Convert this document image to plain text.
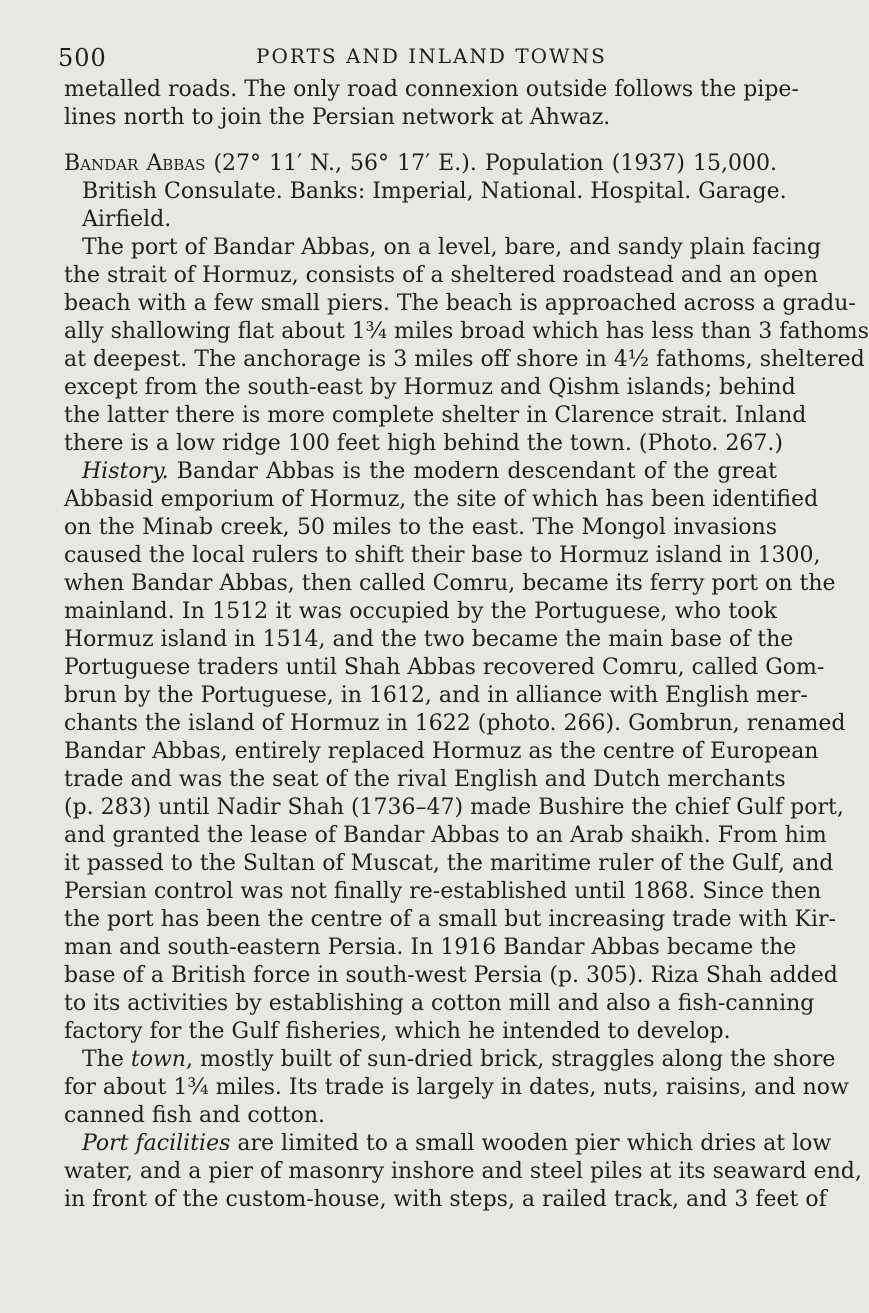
500	PORTS AND INLAND TOWNS
metalled roads. The only road connexion outside follows the pipe-
lines north to join the Persian network at Ahwaz.
Bandar Abbas (27° 11′ N., 56° 17′ E.). Population (1937) 15,000.
British Consulate. Banks: Imperial, National. Hospital. Garage.
Airfield.
The port of Bandar Abbas, on a level, bare, and sandy plain facing
the strait of Hormuz, consists of a sheltered roadstead and an open
beach with a few small piers. The beach is approached across a gradu-
ally shallowing flat about 1¾ miles broad which has less than 3 fathoms
at deepest. The anchorage is 3 miles off shore in 4½ fathoms, sheltered
except from the south-east by Hormuz and Qishm islands; behind
the latter there is more complete shelter in Clarence strait. Inland
there is a low ridge 100 feet high behind the town. (Photo. 267.)
History. Bandar Abbas is the modern descendant of the great
Abbasid emporium of Hormuz, the site of which has been identified
on the Minab creek, 50 miles to the east. The Mongol invasions
caused the local rulers to shift their base to Hormuz island in 1300,
when Bandar Abbas, then called Comru, became its ferry port on the
mainland. In 1512 it was occupied by the Portuguese, who took
Hormuz island in 1514, and the two became the main base of the
Portuguese traders until Shah Abbas recovered Comru, called Gom-
brun by the Portuguese, in 1612, and in alliance with English mer-
chants the island of Hormuz in 1622 (photo. 266). Gombrun, renamed
Bandar Abbas, entirely replaced Hormuz as the centre of European
trade and was the seat of the rival English and Dutch merchants
(p. 283) until Nadir Shah (1736–47) made Bushire the chief Gulf port,
and granted the lease of Bandar Abbas to an Arab shaikh. From him
it passed to the Sultan of Muscat, the maritime ruler of the Gulf, and
Persian control was not finally re-established until 1868. Since then
the port has been the centre of a small but increasing trade with Kir-
man and south-eastern Persia. In 1916 Bandar Abbas became the
base of a British force in south-west Persia (p. 305). Riza Shah added
to its activities by establishing a cotton mill and also a fish-canning
factory for the Gulf fisheries, which he intended to develop.
The town, mostly built of sun-dried brick, straggles along the shore
for about 1¾ miles. Its trade is largely in dates, nuts, raisins, and now
canned fish and cotton.
Port facilities are limited to a small wooden pier which dries at low
water, and a pier of masonry inshore and steel piles at its seaward end,
in front of the custom-house, with steps, a railed track, and 3 feet of
